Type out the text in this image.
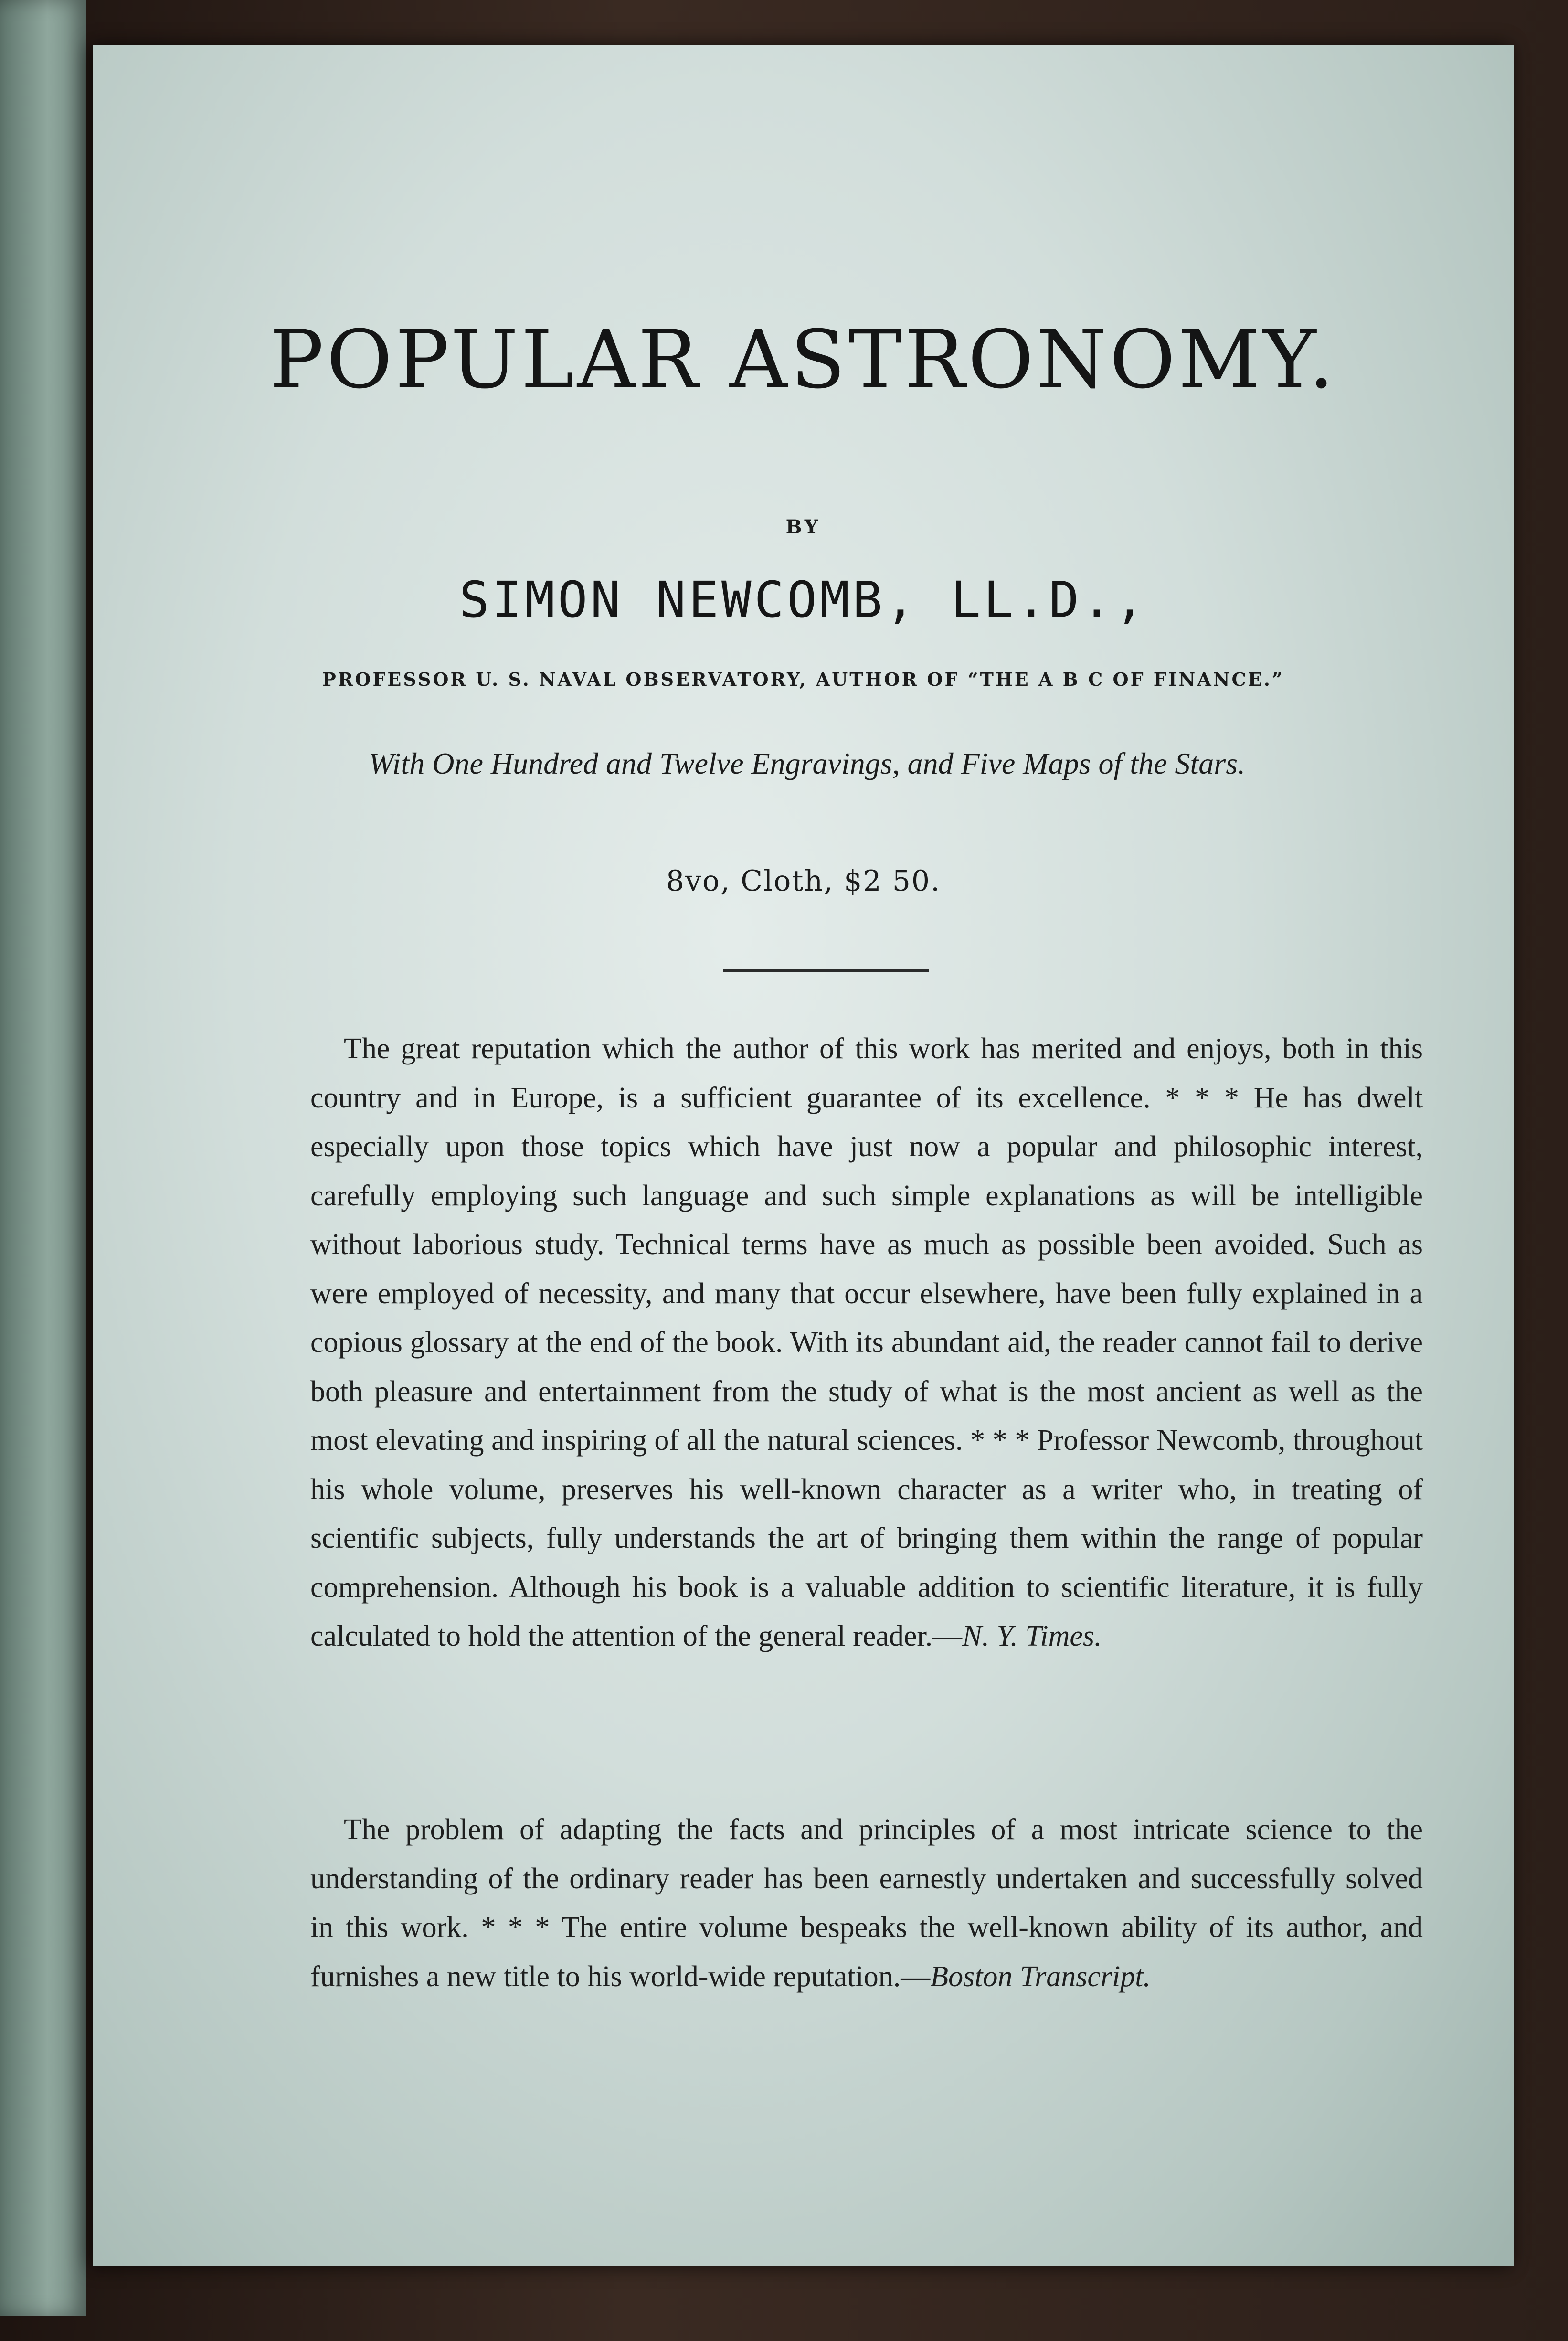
POPULAR ASTRONOMY.
BY
SIMON NEWCOMB, LL.D.,
PROFESSOR U. S. NAVAL OBSERVATORY, AUTHOR OF “THE A B C OF FINANCE.”
With One Hundred and Twelve Engravings, and Five Maps of the Stars.
8vo, Cloth, $2 50.

The great reputation which the author of this work has merited and enjoys, both in this country and in Europe, is a sufficient guarantee of its excellence. * * * He has dwelt especially upon those topics which have just now a popular and philosophic interest, carefully employing such language and such simple explanations as will be intelligible without laborious study. Technical terms have as much as possible been avoided. Such as were employed of necessity, and many that occur elsewhere, have been fully explained in a copious glossary at the end of the book. With its abundant aid, the reader cannot fail to derive both pleasure and entertainment from the study of what is the most ancient as well as the most elevating and inspiring of all the natural sciences. * * * Professor Newcomb, throughout his whole volume, preserves his well-known character as a writer who, in treating of scientific subjects, fully understands the art of bringing them within the range of popular comprehension. Although his book is a valuable addition to scientific literature, it is fully calculated to hold the attention of the general reader.—N. Y. Times.

The problem of adapting the facts and principles of a most intricate science to the understanding of the ordinary reader has been earnestly undertaken and successfully solved in this work. * * * The entire volume bespeaks the well-known ability of its author, and furnishes a new title to his world-wide reputation.—Boston Transcript.
